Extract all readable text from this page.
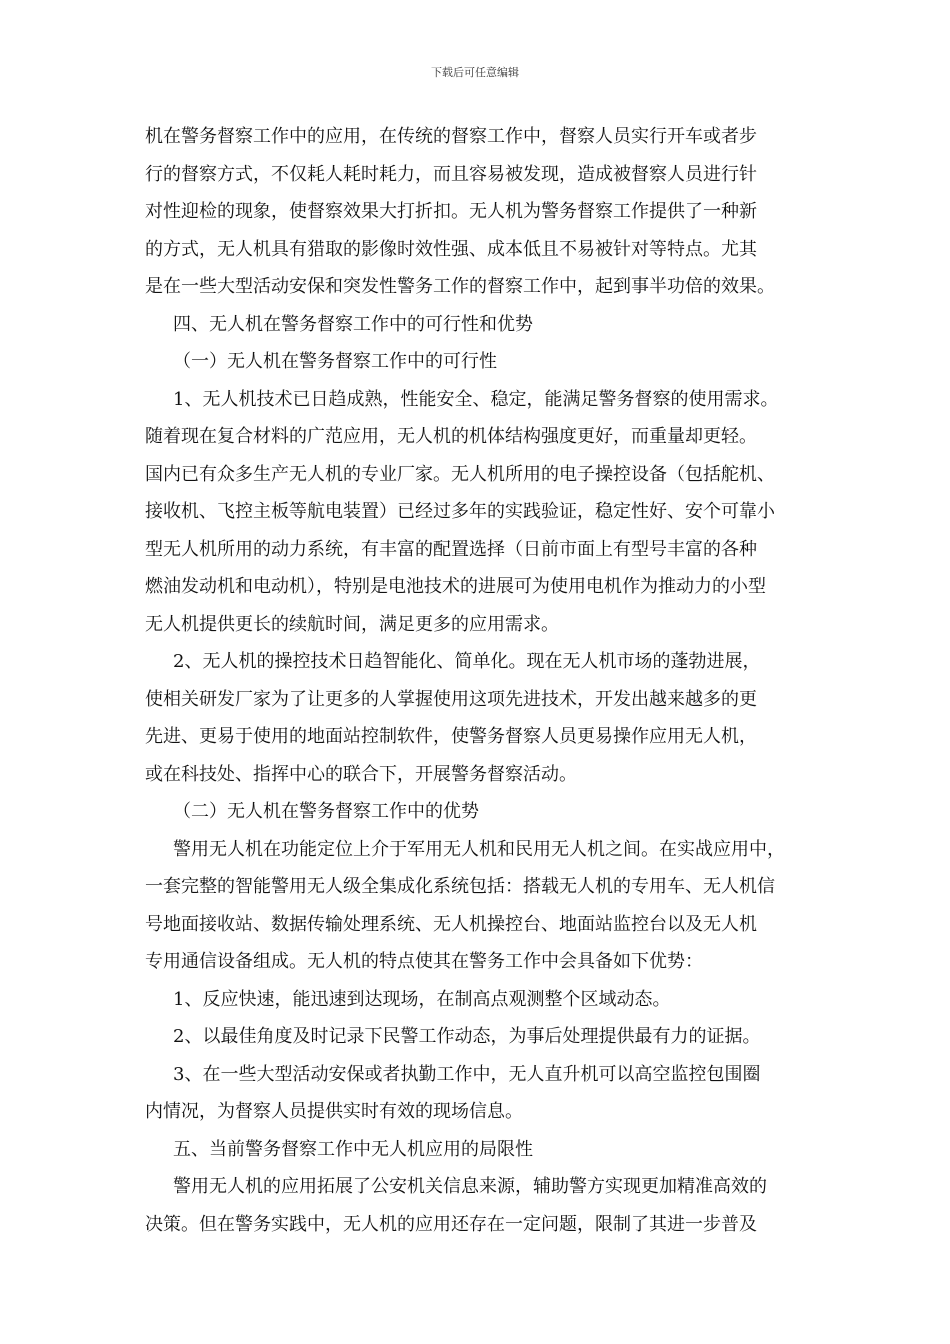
下载后可任意编辑

机在警务督察工作中的应用，在传统的督察工作中，督察人员实行开车或者步

行的督察方式，不仅耗人耗时耗力，而且容易被发现，造成被督察人员进行针

对性迎检的现象，使督察效果大打折扣。无人机为警务督察工作提供了一种新

的方式，无人机具有猎取的影像时效性强、成本低且不易被针对等特点。尤其

是在一些大型活动安保和突发性警务工作的督察工作中，起到事半功倍的效果。

四、无人机在警务督察工作中的可行性和优势

（一）无人机在警务督察工作中的可行性

1、无人机技术已日趋成熟，性能安全、稳定，能满足警务督察的使用需求。

随着现在复合材料的广范应用，无人机的机体结构强度更好，而重量却更轻。

国内已有众多生产无人机的专业厂家。无人机所用的电子操控设备（包括舵机、

接收机、飞控主板等航电装置）已经过多年的实践验证，稳定性好、安个可靠小

型无人机所用的动力系统，有丰富的配置选择（日前市面上有型号丰富的各种

燃油发动机和电动机），特别是电池技术的进展可为使用电机作为推动力的小型

无人机提供更长的续航时间，满足更多的应用需求。

2、无人机的操控技术日趋智能化、简单化。现在无人机市场的蓬勃进展，

使相关研发厂家为了让更多的人掌握使用这项先进技术，开发出越来越多的更

先进、更易于使用的地面站控制软件，使警务督察人员更易操作应用无人机，

或在科技处、指挥中心的联合下，开展警务督察活动。

（二）无人机在警务督察工作中的优势

警用无人机在功能定位上介于军用无人机和民用无人机之间。在实战应用中，

一套完整的智能警用无人级全集成化系统包括：搭载无人机的专用车、无人机信

号地面接收站、数据传输处理系统、无人机操控台、地面站监控台以及无人机

专用通信设备组成。无人机的特点使其在警务工作中会具备如下优势：

1、反应快速，能迅速到达现场，在制高点观测整个区域动态。

2、以最佳角度及时记录下民警工作动态，为事后处理提供最有力的证据。

3、在一些大型活动安保或者执勤工作中，无人直升机可以高空监控包围圈

内情况，为督察人员提供实时有效的现场信息。

五、当前警务督察工作中无人机应用的局限性

警用无人机的应用拓展了公安机关信息来源，辅助警方实现更加精准高效的

决策。但在警务实践中，无人机的应用还存在一定问题，限制了其进一步普及
